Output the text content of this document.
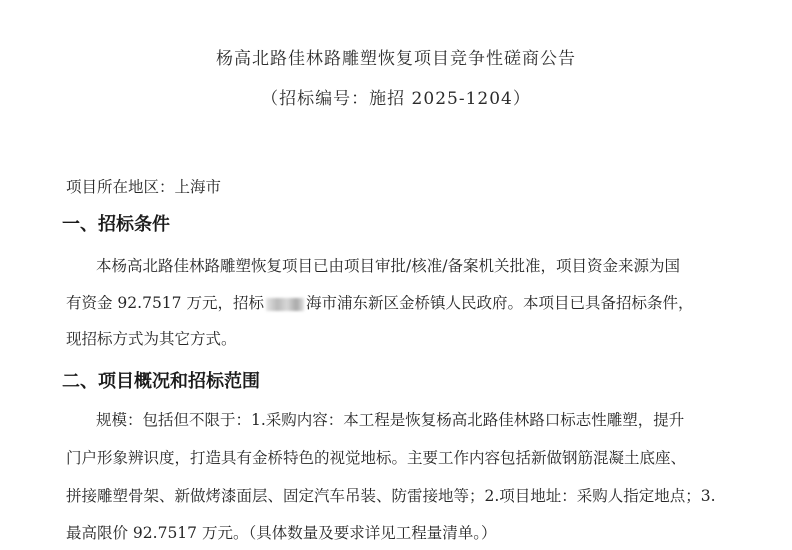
杨高北路佳林路雕塑恢复项目竞争性磋商公告
（招标编号：施招 2025-1204）
项目所在地区：上海市
一、招标条件
本杨高北路佳林路雕塑恢复项目已由项目审批/核准/备案机关批准，项目资金来源为国
有资金 92.7517 万元，招标	海市浦东新区金桥镇人民政府。本项目已具备招标条件，
现招标方式为其它方式。
二、项目概况和招标范围
规模：包括但不限于：1.采购内容：本工程是恢复杨高北路佳林路口标志性雕塑，提升
门户形象辨识度，打造具有金桥特色的视觉地标。主要工作内容包括新做钢筋混凝土底座、
拼接雕塑骨架、新做烤漆面层、固定汽车吊装、防雷接地等；2.项目地址：采购人指定地点；3.
最高限价 92.7517 万元。（具体数量及要求详见工程量清单。）
